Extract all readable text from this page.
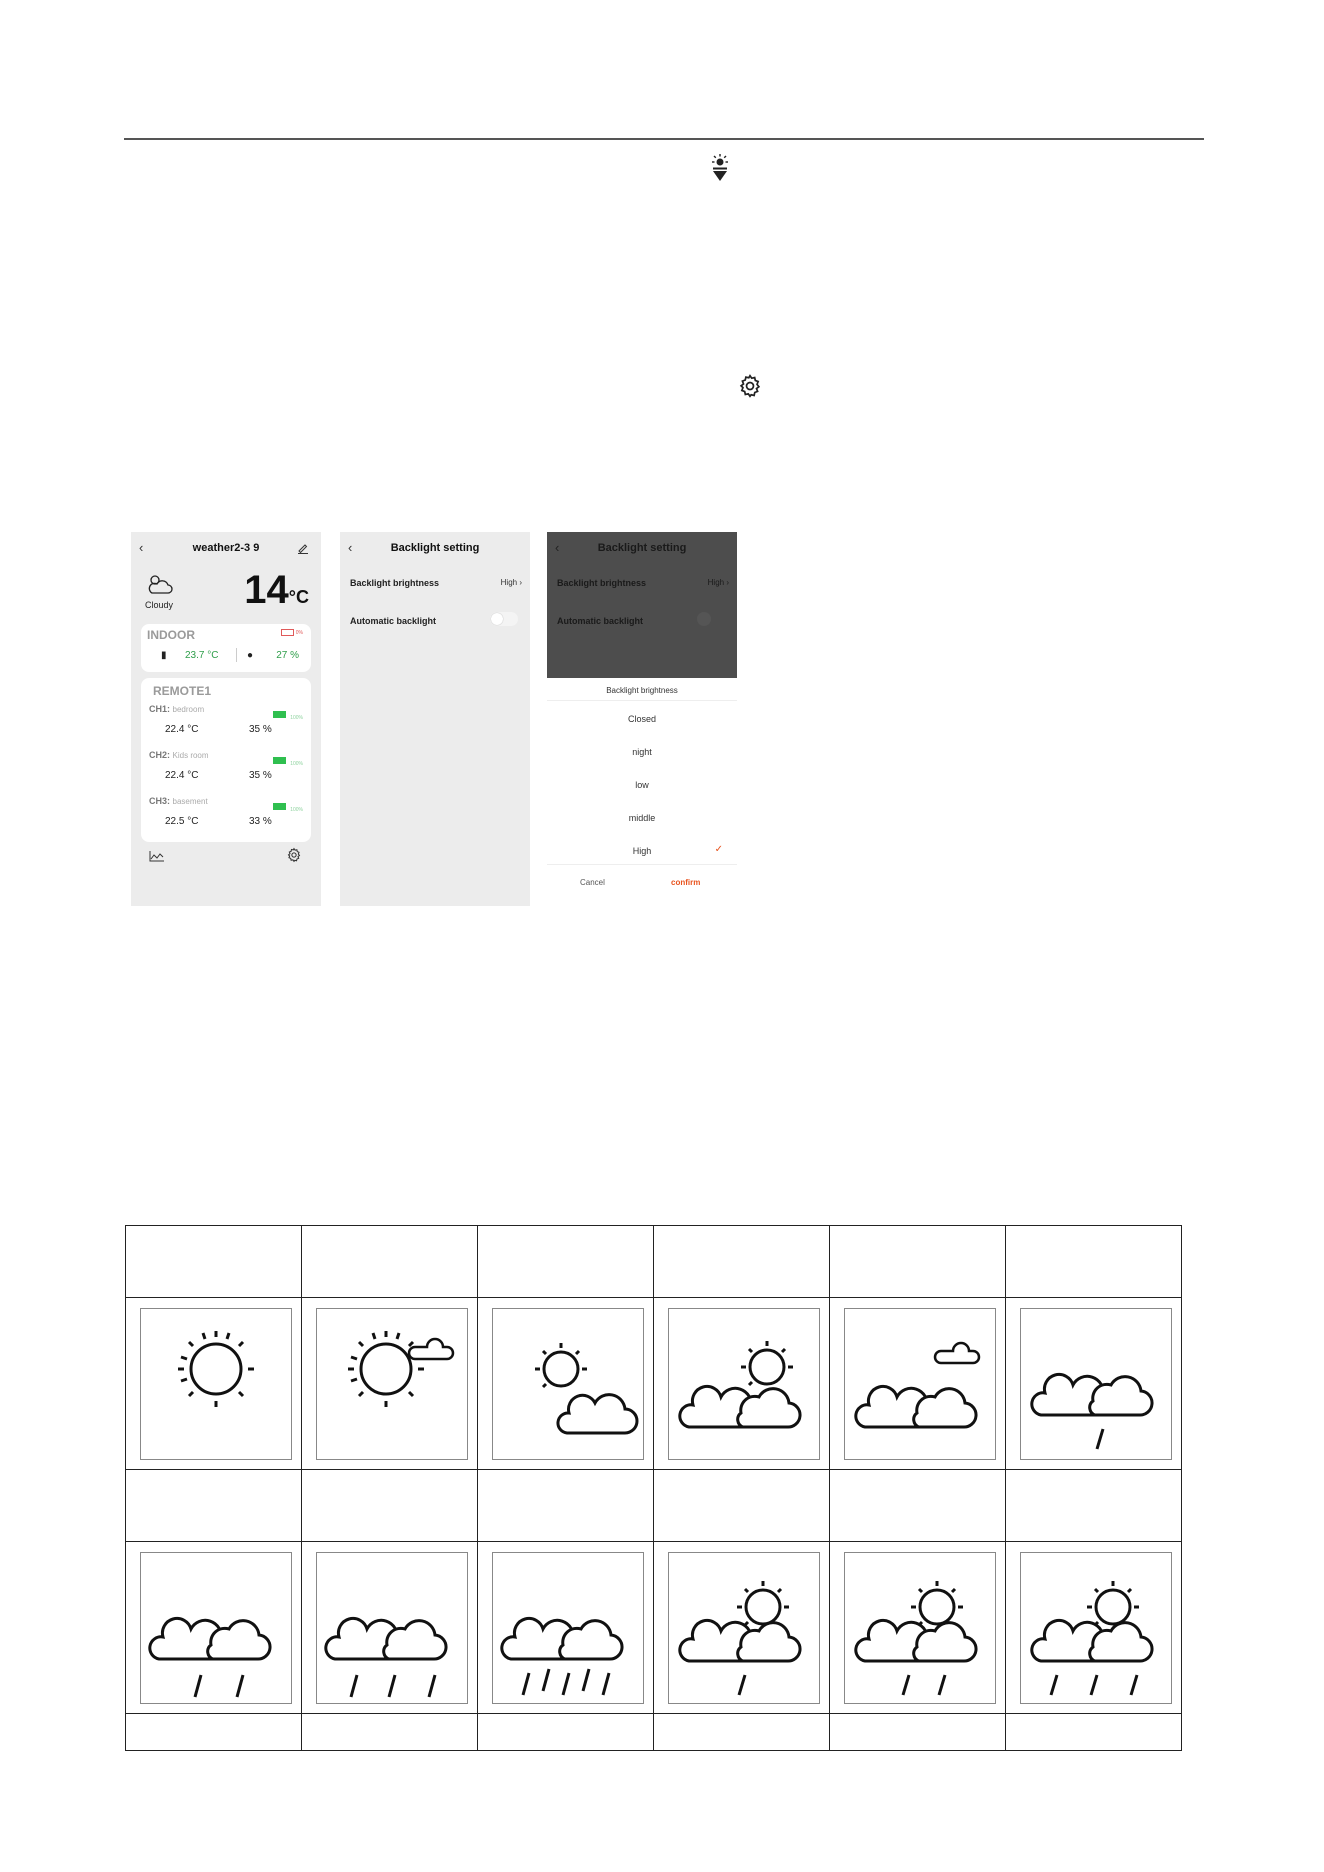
‹	weather2-3 9
Cloudy 14°C
INDOOR	0%
▮ 23.7 °C	● 27 %
REMOTE1
CH1: bedroom
100%
22.4 °C	35 %
CH2: Kids room
100%
22.4 °C	35 %
CH3: basement
100%
22.5 °C	33 %
‹	Backlight setting
Backlight brightness	High ›
Automatic backlight
‹	Backlight setting
Backlight brightness	High ›
Automatic backlight
Backlight brightness
Closed
night
low
middle
High	✓
Cancel	confirm
